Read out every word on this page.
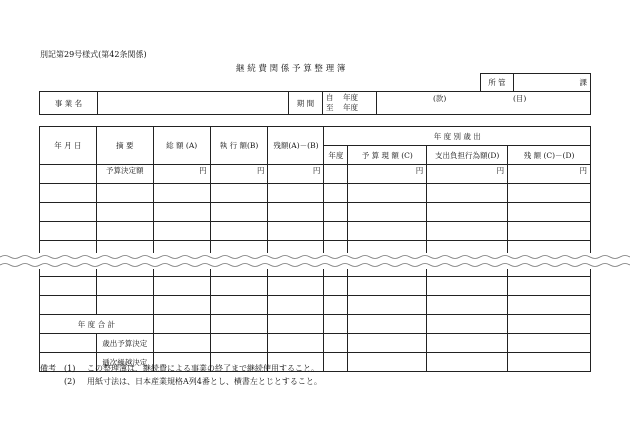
別記第29号様式(第42条関係)
継 続 費 関 係 予 算 整 理 簿
所 管	課
事 業 名		期 間	
自 年度
至 年度

(款)	(目)
年 月 日	摘 要	総 額 (A)	執 行 額(B)	残額(A)－(B)	年 度 別 歳 出			
					年度	予 算 現 額 (C)	支出負担行為額(D)	残 額 (C)－(D)
	予算決定額	円	円	円		円	円	円

年 度 合 計								
	歳出予算決定							
	逓次繰越決定							
備考 (1) この整理簿は、継続費による事業の終了まで継続使用すること。
(2) 用紙寸法は、日本産業規格A列4番とし、横書左とじとすること。
